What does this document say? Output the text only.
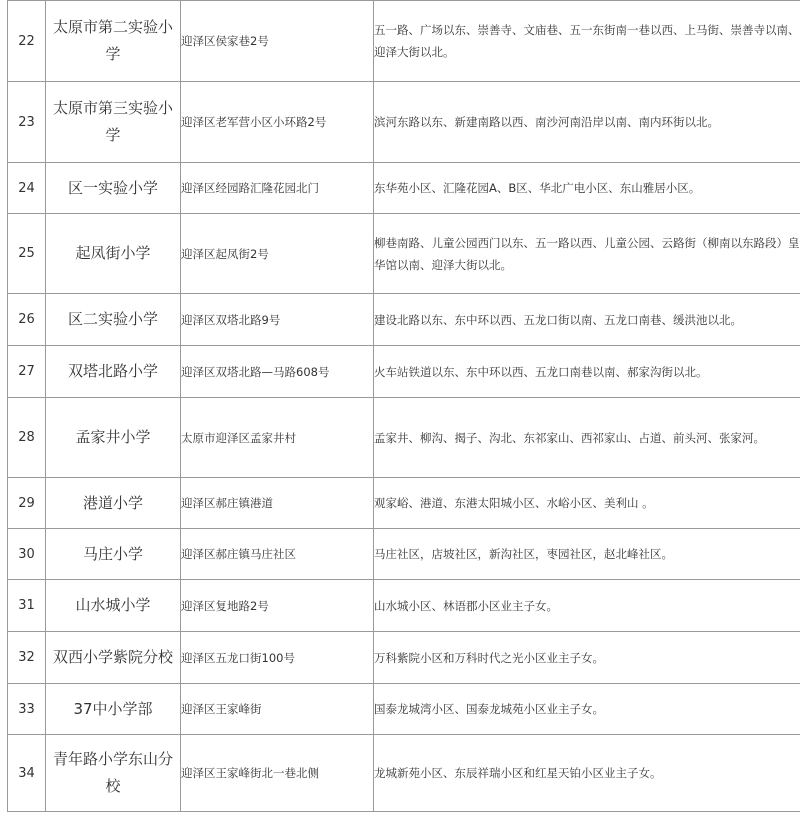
22	太原市第二实验小学	迎泽区侯家巷2号	五一路、广场以东、崇善寺、文庙巷、五一东街南一巷以西、上马街、崇善寺以南、迎泽大街以北。
23	太原市第三实验小学	迎泽区老军营小区小环路2号	滨河东路以东、新建南路以西、南沙河南沿岸以南、南内环街以北。
24	区一实验小学	迎泽区经园路汇隆花园北门	东华苑小区、汇隆花园A、B区、华北广电小区、东山雅居小区。
25	起凤街小学	迎泽区起凤街2号	柳巷南路、儿童公园西门以东、五一路以西、儿童公园、云路街（柳南以东路段）皇华馆以南、迎泽大街以北。
26	区二实验小学	迎泽区双塔北路9号	建设北路以东、东中环以西、五龙口街以南、五龙口南巷、缓洪池以北。
27	双塔北路小学	迎泽区双塔北路—马路608号	火车站铁道以东、东中环以西、五龙口南巷以南、郝家沟街以北。
28	孟家井小学	太原市迎泽区孟家井村	孟家井、柳沟、揭子、沟北、东祁家山、西祁家山、占道、前头河、张家河。
29	港道小学	迎泽区郝庄镇港道	观家峪、港道、东港太阳城小区、水峪小区、美利山 。
30	马庄小学	迎泽区郝庄镇马庄社区	马庄社区，店坡社区，新沟社区，枣园社区，赵北峰社区。
31	山水城小学	迎泽区复地路2号	山水城小区、林语郡小区业主子女。
32	双西小学紫院分校	迎泽区五龙口街100号	万科紫院小区和万科时代之光小区业主子女。
33	37中小学部	迎泽区王家峰街	国泰龙城湾小区、国泰龙城苑小区业主子女。
34	青年路小学东山分校	迎泽区王家峰街北一巷北侧	龙城新苑小区、东辰祥瑞小区和红星天铂小区业主子女。
